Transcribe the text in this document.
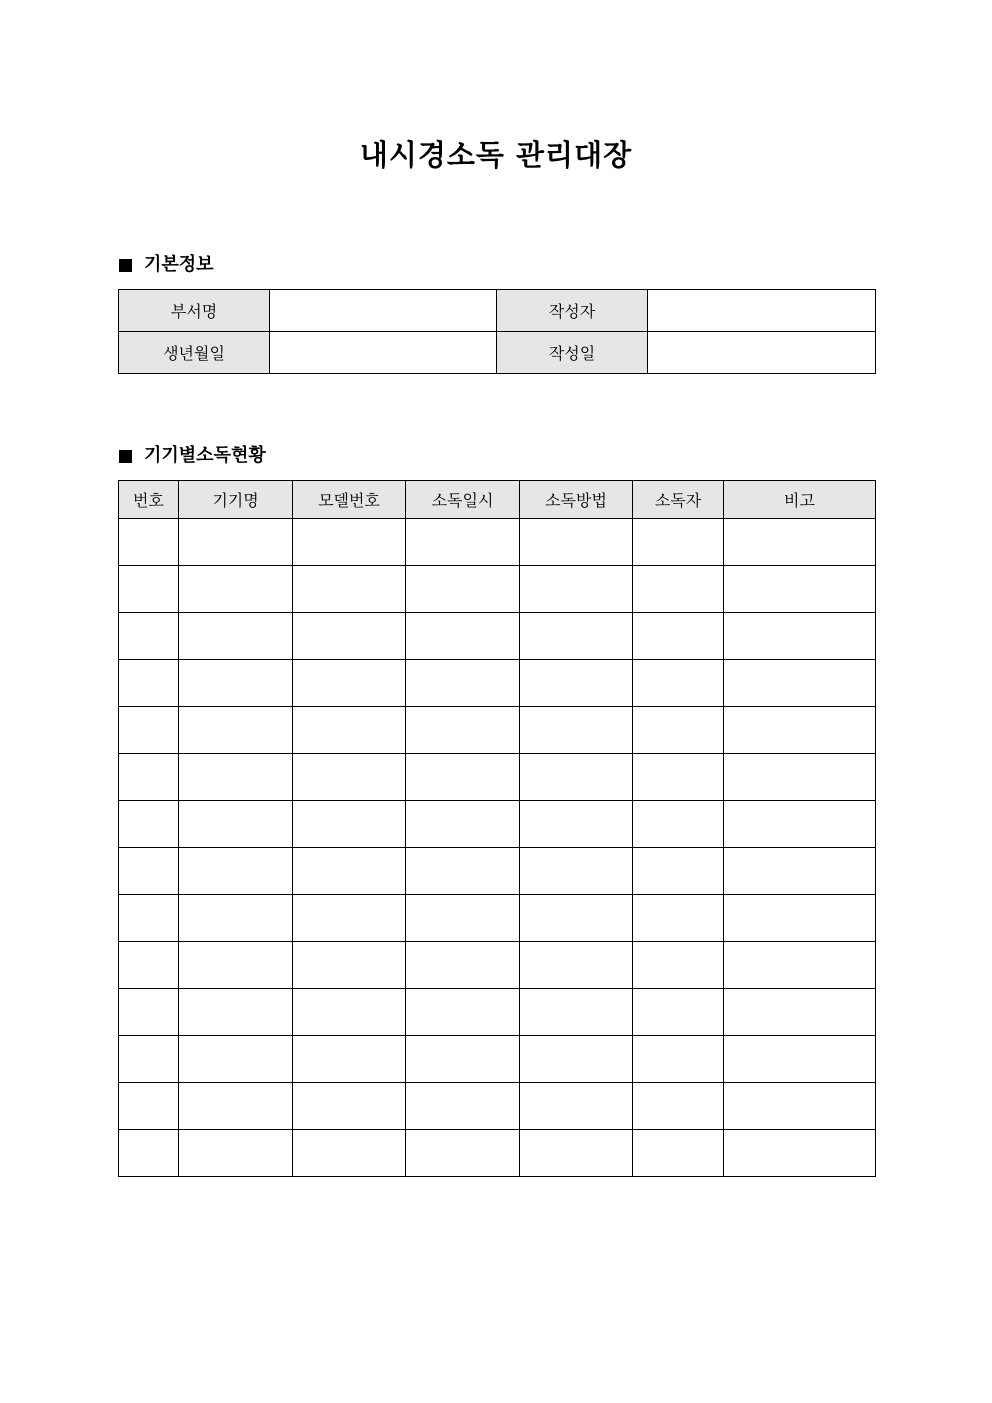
내시경소독 관리대장
기본정보
부서명		작성자	
생년월일		작성일	
기기별소독현황
번호	기기명	모델번호	소독일시	소독방법	소독자	비고
